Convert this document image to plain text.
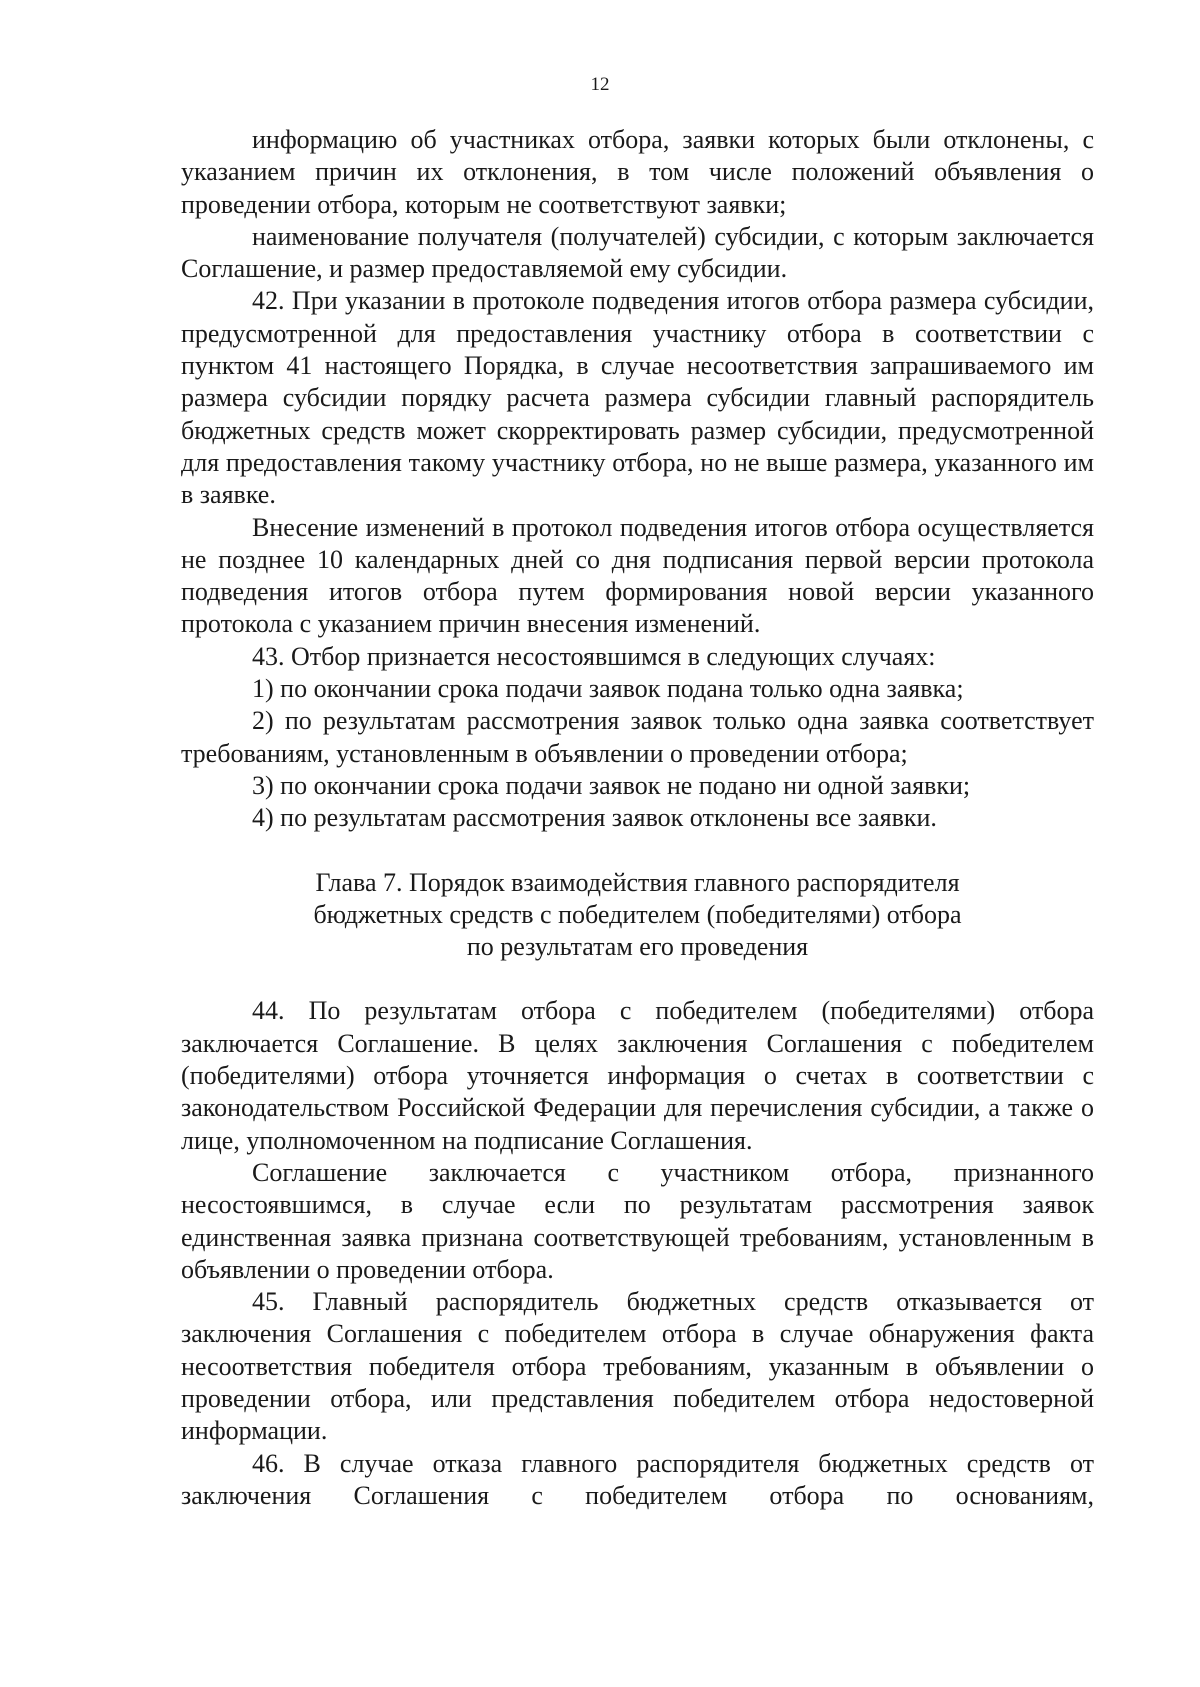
12

информацию об участниках отбора, заявки которых были отклонены, с указанием причин их отклонения, в том числе положений объявления о проведении отбора, которым не соответствуют заявки;

наименование получателя (получателей) субсидии, с которым заключается Соглашение, и размер предоставляемой ему субсидии.

42. При указании в протоколе подведения итогов отбора размера субсидии, предусмотренной для предоставления участнику отбора в соответствии с пунктом 41 настоящего Порядка, в случае несоответствия запрашиваемого им размера субсидии порядку расчета размера субсидии главный распорядитель бюджетных средств может скорректировать размер субсидии, предусмотренной для предоставления такому участнику отбора, но не выше размера, указанного им в заявке.

Внесение изменений в протокол подведения итогов отбора осуществляется не позднее 10 календарных дней со дня подписания первой версии протокола подведения итогов отбора путем формирования новой версии указанного протокола с указанием причин внесения изменений.

43. Отбор признается несостоявшимся в следующих случаях:

1) по окончании срока подачи заявок подана только одна заявка;

2) по результатам рассмотрения заявок только одна заявка соответствует требованиям, установленным в объявлении о проведении отбора;

3) по окончании срока подачи заявок не подано ни одной заявки;

4) по результатам рассмотрения заявок отклонены все заявки.

Глава 7. Порядок взаимодействия главного распорядителя
бюджетных средств с победителем (победителями) отбора
по результатам его проведения

44. По результатам отбора с победителем (победителями) отбора заключается Соглашение. В целях заключения Соглашения с победителем (победителями) отбора уточняется информация о счетах в соответствии с законодательством Российской Федерации для перечисления субсидии, а также о лице, уполномоченном на подписание Соглашения.

Соглашение заключается с участником отбора, признанного несостоявшимся, в случае если по результатам рассмотрения заявок единственная заявка признана соответствующей требованиям, установленным в объявлении о проведении отбора.

45. Главный распорядитель бюджетных средств отказывается от заключения Соглашения с победителем отбора в случае обнаружения факта несоответствия победителя отбора требованиям, указанным в объявлении о проведении отбора, или представления победителем отбора недостоверной информации.

46. В случае отказа главного распорядителя бюджетных средств от заключения Соглашения с победителем отбора по основаниям,
